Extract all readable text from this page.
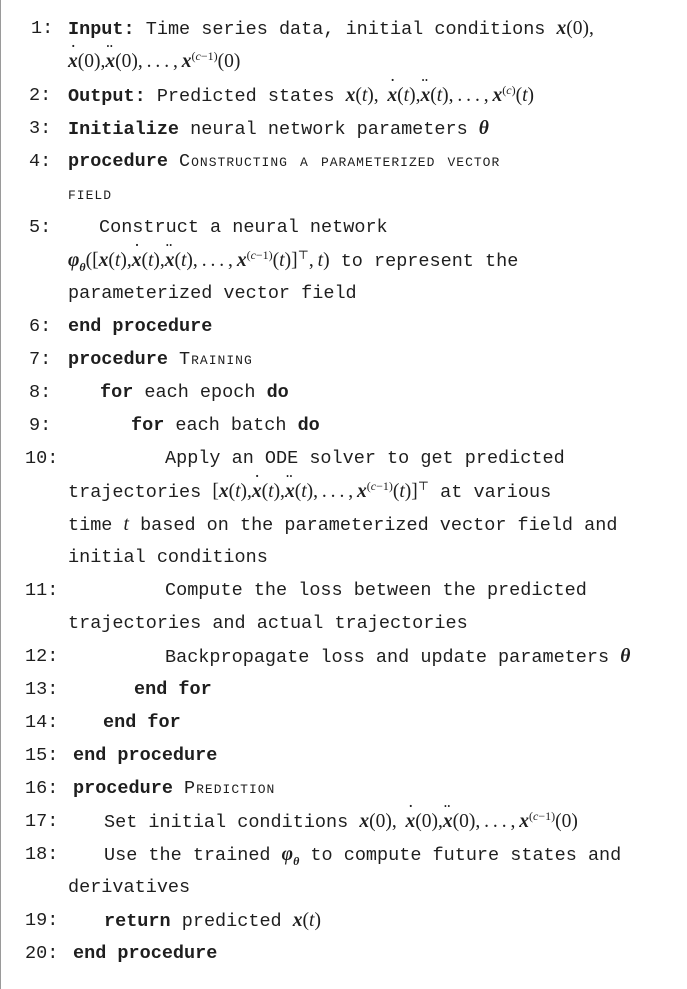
1: Input: Time series data, initial conditions x(0),
˙ x(0),¨ x(0), . . . , $x^{(c-1)}(0)$
2: Output: Predicted states x(t),  ˙ x(t),¨ x(t), . . . , $x^{(c)}(t)$
3: Initialize neural network parameters θ
4: procedure Constructing a parameterized vector
field
5:	Construct a neural network
$\varphi_\theta([x(t),˙$ x(t),¨ x(t), . . . , $x^{(c-1)}(t)]^⊤$, t) to represent the
parameterized vector field
6: end procedure
7: procedure Training
8:	for each epoch do
9:	for each batch do
10:	Apply an ODE solver to get predicted
trajectories [x(t),˙ x(t),¨ x(t), . . . , $x^{(c-1)}(t)]^⊤$ at various
time t based on the parameterized vector field and
initial conditions
11:	Compute the loss between the predicted
trajectories and actual trajectories
12:	Backpropagate loss and update parameters θ
13:	end for
14: end for
15: end procedure
16: procedure Prediction
17: Set initial conditions x(0),  ˙ x(0),¨ x(0), . . . , $x^{(c-1)}(0)$
18: Use the trained $\varphi_\theta$ to compute future states and
derivatives
19: return predicted x(t)
20: end procedure
